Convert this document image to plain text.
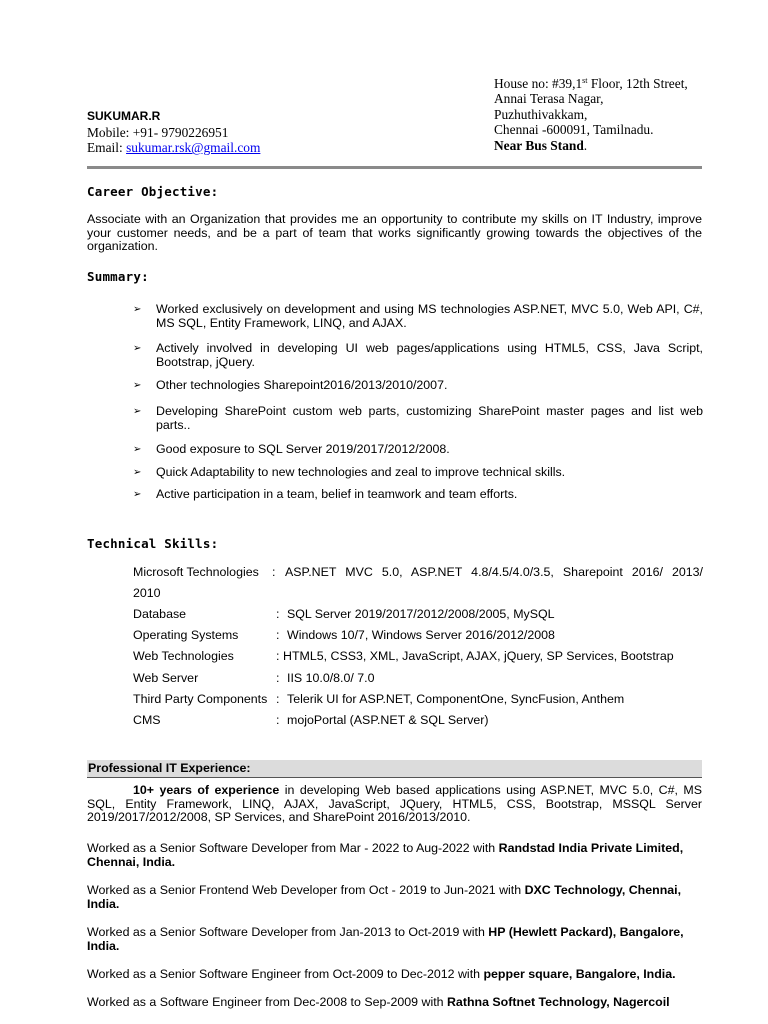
House no: #39,1st Floor, 12th Street,
Annai Terasa Nagar,
Puzhuthivakkam,
Chennai -600091, Tamilnadu.
Near Bus Stand.
SUKUMAR.R
Mobile: +91- 9790226951
Email: sukumar.rsk@gmail.com
Career Objective:
Associate with an Organization that provides me an opportunity to contribute my skills on IT Industry, improve your customer needs, and be a part of team that works significantly growing towards the objectives of the organization.
Summary:
➢ Worked exclusively on development and using MS technologies ASP.NET, MVC 5.0, Web API, C#, MS SQL, Entity Framework, LINQ, and AJAX.
➢ Actively involved in developing UI web pages/applications using HTML5, CSS, Java Script, Bootstrap, jQuery.
➢ Other technologies Sharepoint2016/2013/2010/2007.
➢ Developing SharePoint custom web parts, customizing SharePoint master pages and list web parts..
➢ Good exposure to SQL Server 2019/2017/2012/2008.
➢ Quick Adaptability to new technologies and zeal to improve technical skills.
➢ Active participation in a team, belief in teamwork and team efforts.
Technical Skills:
Microsoft Technologies : ASP.NET MVC 5.0, ASP.NET 4.8/4.5/4.0/3.5, Sharepoint 2016/ 2013/
2010
Database	: SQL Server 2019/2017/2012/2008/2005, MySQL
Operating Systems	: Windows 10/7, Windows Server 2016/2012/2008
Web Technologies	: HTML5, CSS3, XML, JavaScript, AJAX, jQuery, SP Services, Bootstrap
Web Server	: IIS 10.0/8.0/ 7.0
Third Party Components : Telerik UI for ASP.NET, ComponentOne, SyncFusion, Anthem
CMS	: mojoPortal (ASP.NET & SQL Server)
Professional IT Experience:
10+ years of experience in developing Web based applications using ASP.NET, MVC 5.0, C#, MS SQL, Entity Framework, LINQ, AJAX, JavaScript, JQuery, HTML5, CSS, Bootstrap, MSSQL Server 2019/2017/2012/2008, SP Services, and SharePoint 2016/2013/2010.
Worked as a Senior Software Developer from Mar - 2022 to Aug-2022 with Randstad India Private Limited, Chennai, India.
Worked as a Senior Frontend Web Developer from Oct - 2019 to Jun-2021 with DXC Technology, Chennai, India.
Worked as a Senior Software Developer from Jan-2013 to Oct-2019 with HP (Hewlett Packard), Bangalore, India.
Worked as a Senior Software Engineer from Oct-2009 to Dec-2012 with pepper square, Bangalore, India.
Worked as a Software Engineer from Dec-2008 to Sep-2009 with Rathna Softnet Technology, Nagercoil
